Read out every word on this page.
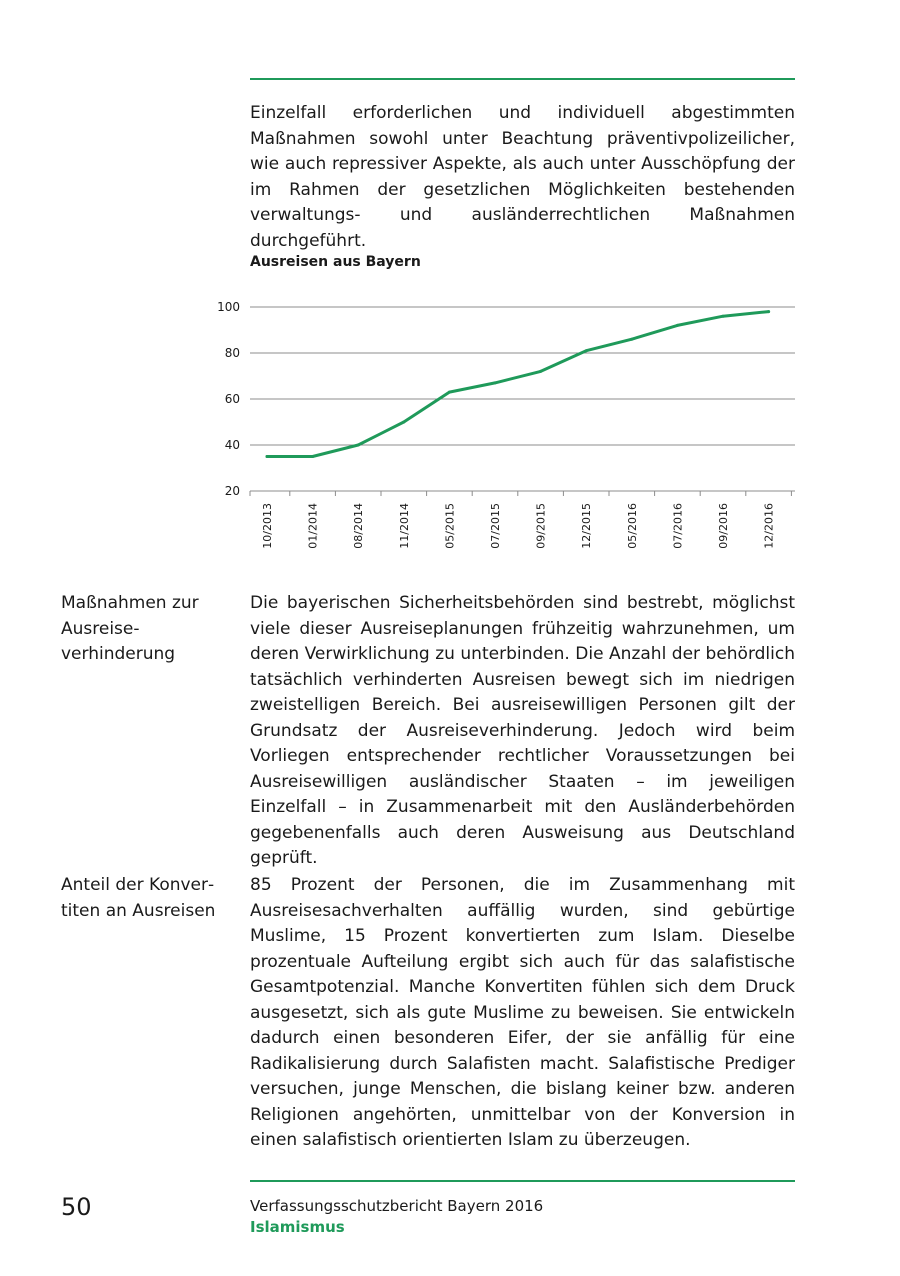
Einzelfall erforderlichen und individuell abgestimmten Maßnahmen sowohl unter Beachtung präventivpolizeilicher, wie auch repressiver Aspekte, als auch unter Ausschöpfung der im Rahmen der gesetzlichen Möglichkeiten bestehenden verwaltungs- und ausländerrechtlichen Maßnahmen durchgeführt.

Ausreisen aus Bayern

20
40
60
80
100
10/2013	01/2014	08/2014	11/2014	05/2015	07/2015	09/2015	12/2015	05/2016	07/2016	09/2016	12/2016

Maßnahmen zur Ausreiseverhinderung

Die bayerischen Sicherheitsbehörden sind bestrebt, möglichst viele dieser Ausreiseplanungen frühzeitig wahrzunehmen, um deren Verwirklichung zu unterbinden. Die Anzahl der behördlich tatsächlich verhinderten Ausreisen bewegt sich im niedrigen zweistelligen Bereich. Bei ausreisewilligen Personen gilt der Grundsatz der Ausreiseverhinderung. Jedoch wird beim Vorliegen entsprechender rechtlicher Voraussetzungen bei Ausreisewilligen ausländischer Staaten – im jeweiligen Einzelfall – in Zusammenarbeit mit den Ausländerbehörden gegebenenfalls auch deren Ausweisung aus Deutschland geprüft.

Anteil der Konvertiten an Ausreisen

85 Prozent der Personen, die im Zusammenhang mit Ausreisesachverhalten auffällig wurden, sind gebürtige Muslime, 15 Prozent konvertierten zum Islam. Dieselbe prozentuale Aufteilung ergibt sich auch für das salafistische Gesamtpotenzial. Manche Konvertiten fühlen sich dem Druck ausgesetzt, sich als gute Muslime zu beweisen. Sie entwickeln dadurch einen besonderen Eifer, der sie anfällig für eine Radikalisierung durch Salafisten macht. Salafistische Prediger versuchen, junge Menschen, die bislang keiner bzw. anderen Religionen angehörten, unmittelbar von der Konversion in einen salafistisch orientierten Islam zu überzeugen.

50	Verfassungsschutzbericht Bayern 2016
Islamismus
